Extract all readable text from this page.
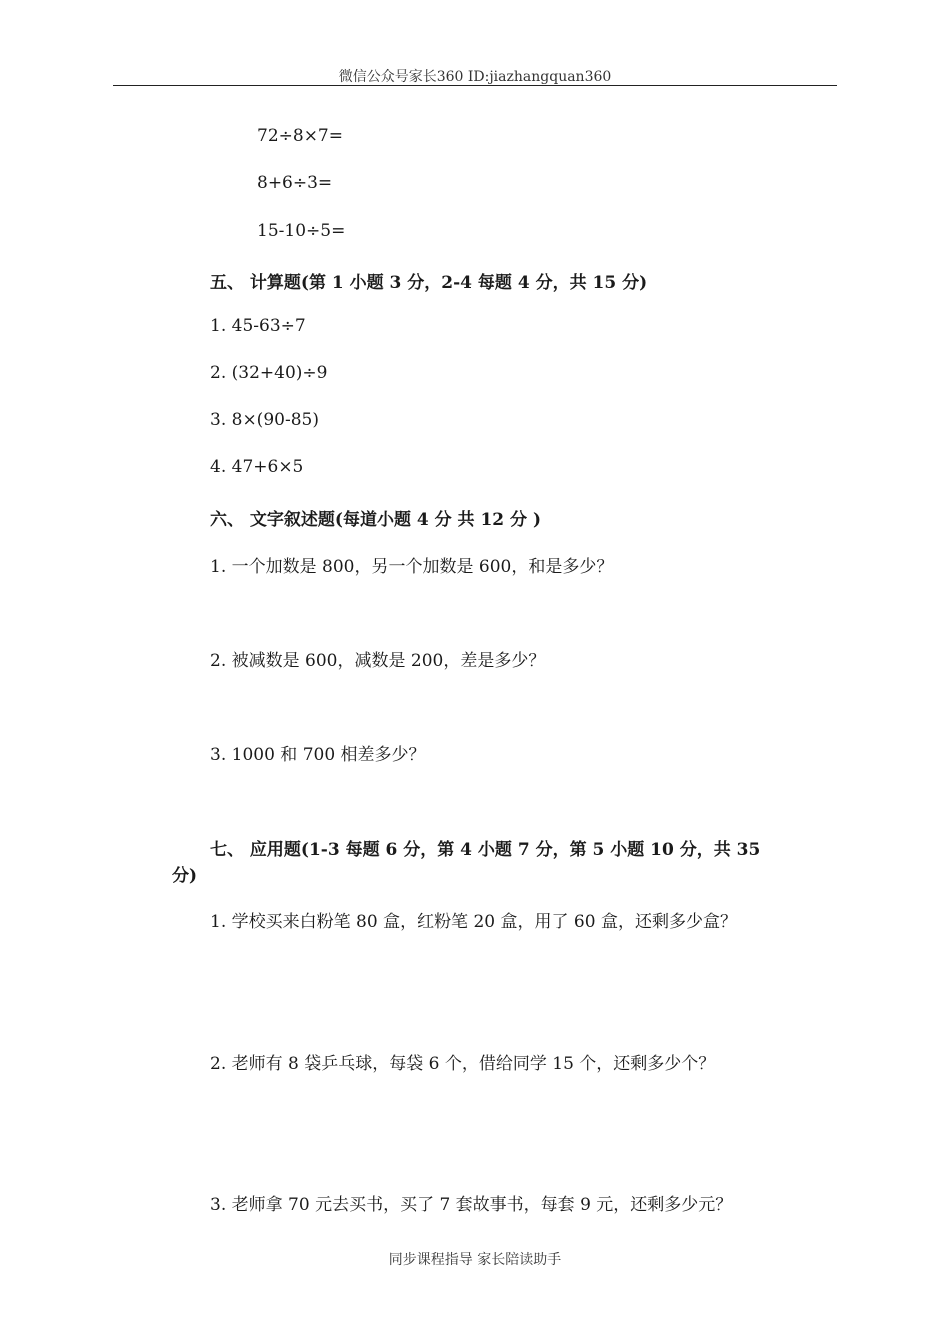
微信公众号家长360 ID:jiazhangquan360
72÷8×7=
8+6÷3=
15-10÷5=
五、 计算题(第 1 小题 3 分，2-4 每题 4 分，共 15 分)
1. 45-63÷7
2. (32+40)÷9
3. 8×(90-85)
4. 47+6×5
六、 文字叙述题(每道小题 4 分 共 12 分 )
1. 一个加数是 800，另一个加数是 600，和是多少？
2. 被减数是 600，减数是 200，差是多少？
3. 1000 和 700 相差多少？
七、 应用题(1-3 每题 6 分，第 4 小题 7 分，第 5 小题 10 分，共 35
分)
1. 学校买来白粉笔 80 盒，红粉笔 20 盒，用了 60 盒，还剩多少盒？
2. 老师有 8 袋乒乓球，每袋 6 个，借给同学 15 个，还剩多少个？
3. 老师拿 70 元去买书，买了 7 套故事书，每套 9 元，还剩多少元？
同步课程指导 家长陪读助手
